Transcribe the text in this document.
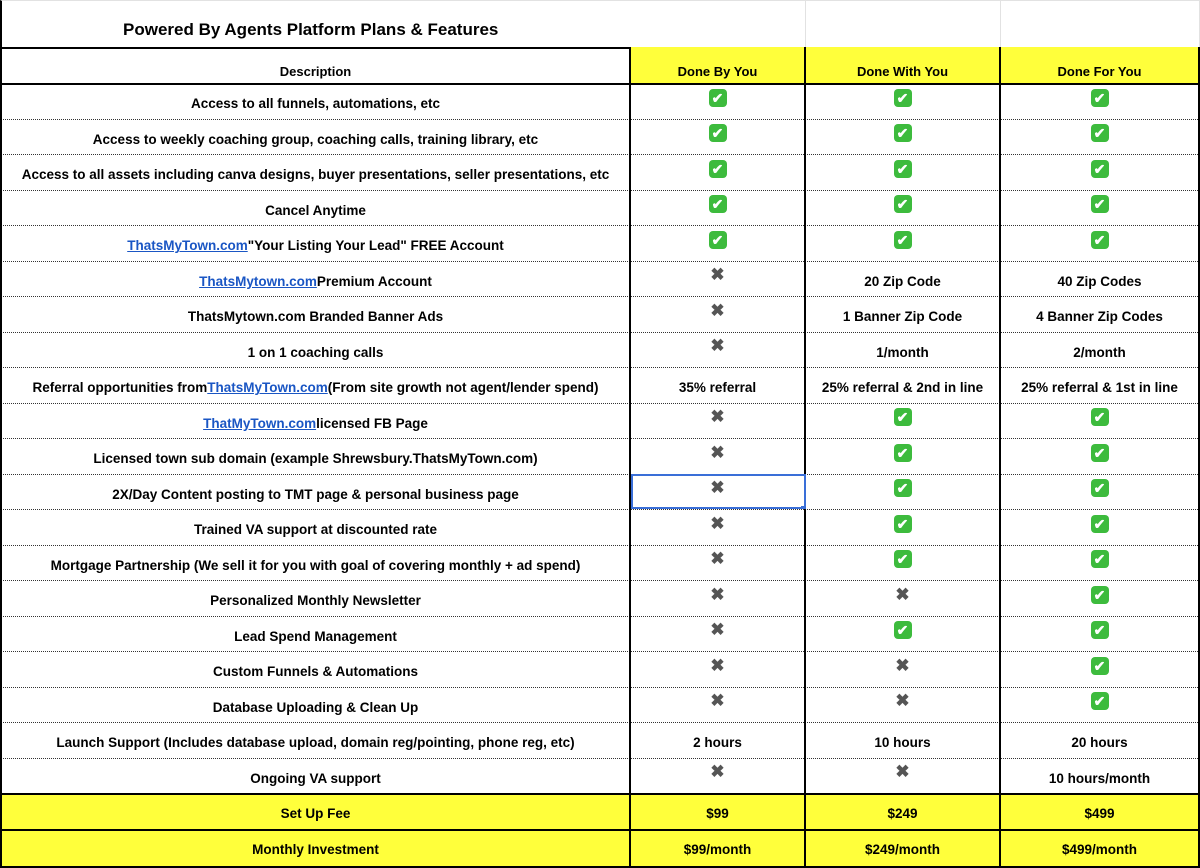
Powered By Agents Platform Plans & Features
Description	Done By You	Done With You	Done For You
Access to all funnels, automations, etc	✔	✔	✔
Access to weekly coaching group, coaching calls, training library, etc	✔	✔	✔
Access to all assets including canva designs, buyer presentations, seller presentations, etc	✔	✔	✔
Cancel Anytime	✔	✔	✔
ThatsMyTown.com "Your Listing Your Lead" FREE Account	✔	✔	✔
ThatsMytown.com Premium Account	✖	20 Zip Code	40 Zip Codes
ThatsMytown.com Branded Banner Ads	✖	1 Banner Zip Code	4 Banner Zip Codes
1 on 1 coaching calls	✖	1/month	2/month
Referral opportunities from ThatsMyTown.com (From site growth not agent/lender spend)	35% referral	25% referral & 2nd in line	25% referral & 1st in line
ThatMyTown.com licensed FB Page	✖	✔	✔
Licensed town sub domain (example Shrewsbury.ThatsMyTown.com)	✖	✔	✔
2X/Day Content posting to TMT page & personal business page	✖	✔	✔
Trained VA support at discounted rate	✖	✔	✔
Mortgage Partnership (We sell it for you with goal of covering monthly + ad spend)	✖	✔	✔
Personalized Monthly Newsletter	✖	✖	✔
Lead Spend Management	✖	✔	✔
Custom Funnels & Automations	✖	✖	✔
Database Uploading & Clean Up	✖	✖	✔
Launch Support (Includes database upload, domain reg/pointing, phone reg, etc)	2 hours	10 hours	20 hours
Ongoing VA support	✖	✖	10 hours/month
Set Up Fee	$99	$249	$499
Monthly Investment	$99/month	$249/month	$499/month
